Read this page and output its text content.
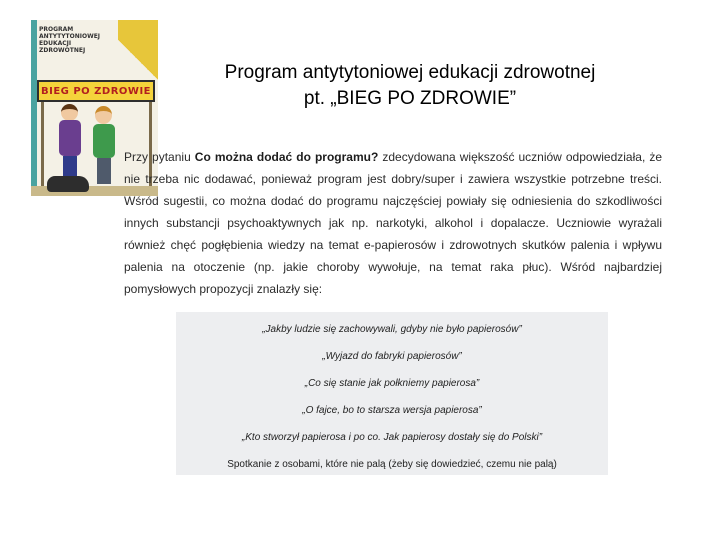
PROGRAM ANTYTYTONIOWEJ EDUKACJI ZDROWOTNEJ
BIEG PO ZDROWIE
Program antytytoniowej edukacji zdrowotnej
pt. „BIEG PO ZDROWIE”
Przy pytaniu Co można dodać do programu? zdecydowana większość uczniów odpowiedziała, że nie trzeba nic dodawać, ponieważ program jest dobry/super i zawiera wszystkie potrzebne treści. Wśród sugestii, co można dodać do programu najczęściej powiały się odniesienia do szkodliwości innych substancji psychoaktywnych jak np. narkotyki, alkohol i dopalacze. Uczniowie wyrażali również chęć pogłębienia wiedzy na temat e-papierosów i zdrowotnych skutków palenia i wpływu palenia na otoczenie (np. jakie choroby wywołuje, na temat raka płuc). Wśród najbardziej pomysłowych propozycji znalazły się:
„Jakby ludzie się zachowywali, gdyby nie było papierosów”
„Wyjazd do fabryki papierosów”
„Co się stanie jak połkniemy papierosa”
„O fajce, bo to starsza wersja papierosa”
„Kto stworzył papierosa i po co. Jak papierosy dostały się do Polski”
Spotkanie z osobami, które nie palą (żeby się dowiedzieć, czemu nie palą)
